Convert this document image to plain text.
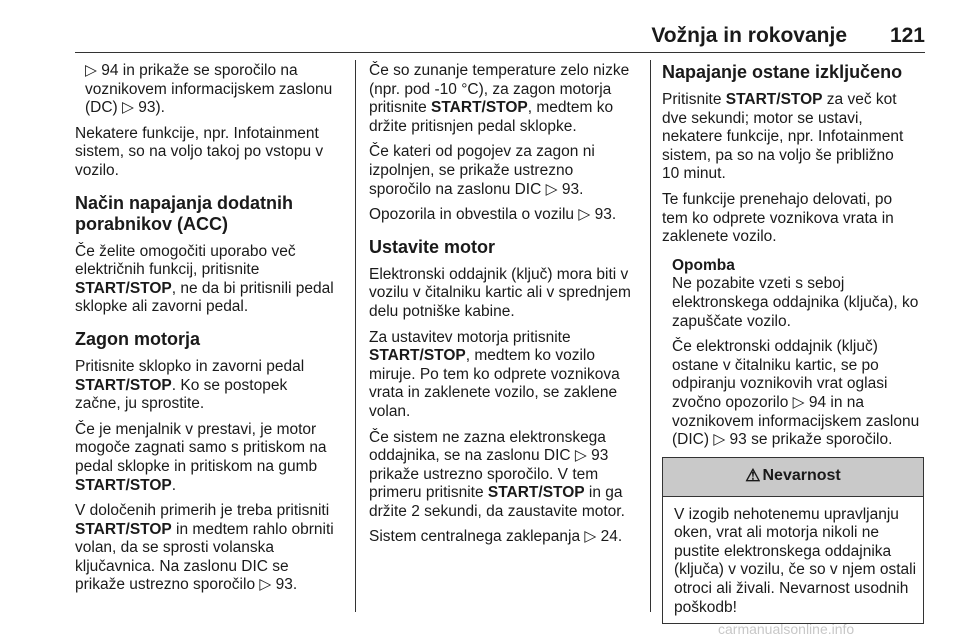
Vožnja in rokovanje 121
▷ 94 in prikaže se sporočilo na
voznikovem informacijskem zaslonu
(DC) ▷ 93).
Nekatere funkcije, npr. Infotainment
sistem, so na voljo takoj po vstopu v
vozilo.
Način napajanja dodatnih
porabnikov (ACC)
Če želite omogočiti uporabo več
električnih funkcij, pritisnite
START/STOP, ne da bi pritisnili pedal
sklopke ali zavorni pedal.
Zagon motorja
Pritisnite sklopko in zavorni pedal
START/STOP. Ko se postopek
začne, ju sprostite.
Če je menjalnik v prestavi, je motor
mogoče zagnati samo s pritiskom na
pedal sklopke in pritiskom na gumb
START/STOP.
V določenih primerih je treba pritisniti
START/STOP in medtem rahlo obrniti
volan, da se sprosti volanska
ključavnica. Na zaslonu DIC se
prikaže ustrezno sporočilo ▷ 93.
Če so zunanje temperature zelo nizke
(npr. pod -10 °C), za zagon motorja
pritisnite START/STOP, medtem ko
držite pritisnjen pedal sklopke.
Če kateri od pogojev za zagon ni
izpolnjen, se prikaže ustrezno
sporočilo na zaslonu DIC ▷ 93.
Opozorila in obvestila o vozilu ▷ 93.
Ustavite motor
Elektronski oddajnik (ključ) mora biti v
vozilu v čitalniku kartic ali v sprednjem
delu potniške kabine.
Za ustavitev motorja pritisnite
START/STOP, medtem ko vozilo
miruje. Po tem ko odprete voznikova
vrata in zaklenete vozilo, se zaklene
volan.
Če sistem ne zazna elektronskega
oddajnika, se na zaslonu DIC ▷ 93
prikaže ustrezno sporočilo. V tem
primeru pritisnite START/STOP in ga
držite 2 sekundi, da zaustavite motor.
Sistem centralnega zaklepanja ▷ 24.
Napajanje ostane izključeno
Pritisnite START/STOP za več kot
dve sekundi; motor se ustavi,
nekatere funkcije, npr. Infotainment
sistem, pa so na voljo še približno
10 minut.
Te funkcije prenehajo delovati, po
tem ko odprete voznikova vrata in
zaklenete vozilo.
Opomba
Ne pozabite vzeti s seboj
elektronskega oddajnika (ključa), ko
zapuščate vozilo.
Če elektronski oddajnik (ključ)
ostane v čitalniku kartic, se po
odpiranju voznikovih vrat oglasi
zvočno opozorilo ▷ 94 in na
voznikovem informacijskem zaslonu
(DIC) ▷ 93 se prikaže sporočilo.
⚠ Nevarnost
V izogib nehotenemu upravljanju
oken, vrat ali motorja nikoli ne
pustite elektronskega oddajnika
(ključa) v vozilu, če so v njem ostali
otroci ali živali. Nevarnost usodnih
poškodb!
carmanualsonline.info
